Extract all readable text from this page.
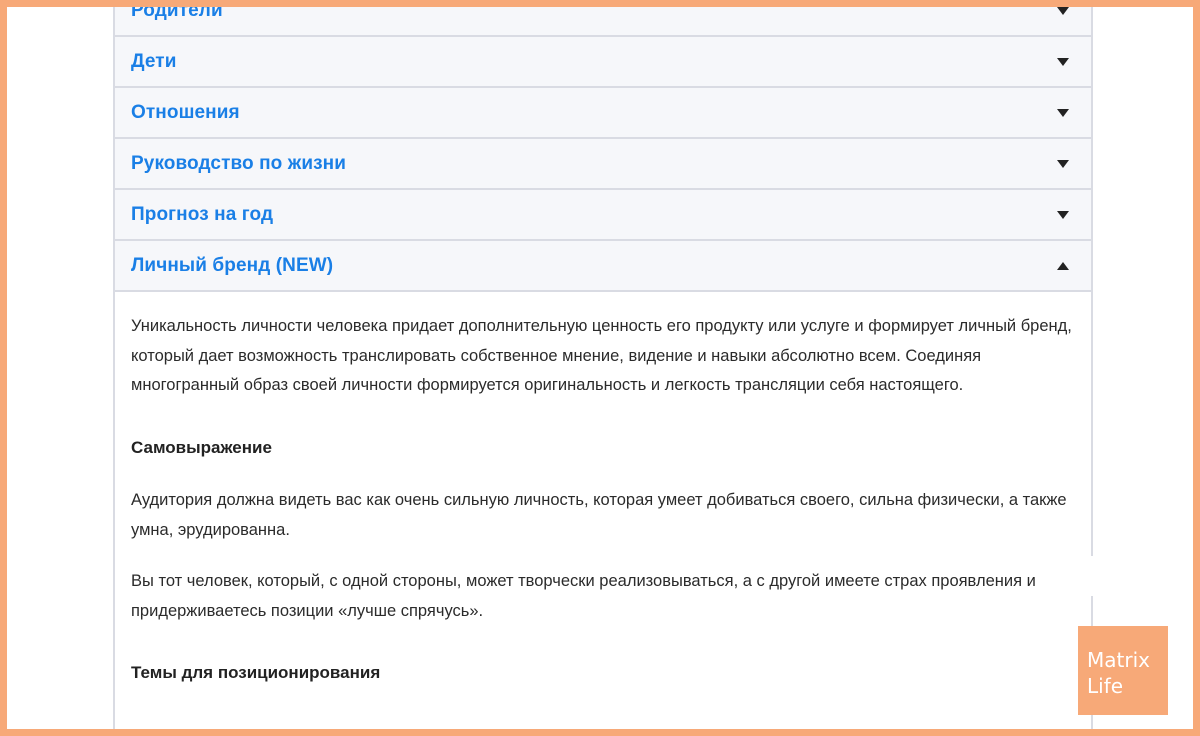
Родители
Дети
Отношения
Руководство по жизни
Прогноз на год
Личный бренд (NEW)

Уникальность личности человека придает дополнительную ценность его продукту или услуге и формирует личный бренд, который дает возможность транслировать собственное мнение, видение и навыки абсолютно всем. Соединяя многогранный образ своей личности формируется оригинальность и легкость трансляции себя настоящего.

Самовыражение

Аудитория должна видеть вас как очень сильную личность, которая умеет добиваться своего, сильна физически, а также умна, эрудированна.

Вы тот человек, который, с одной стороны, может творчески реализовываться, а с другой имеете страх проявления и придерживаетесь позиции «лучше спрячусь».

Темы для позиционирования
Matrix
Life
